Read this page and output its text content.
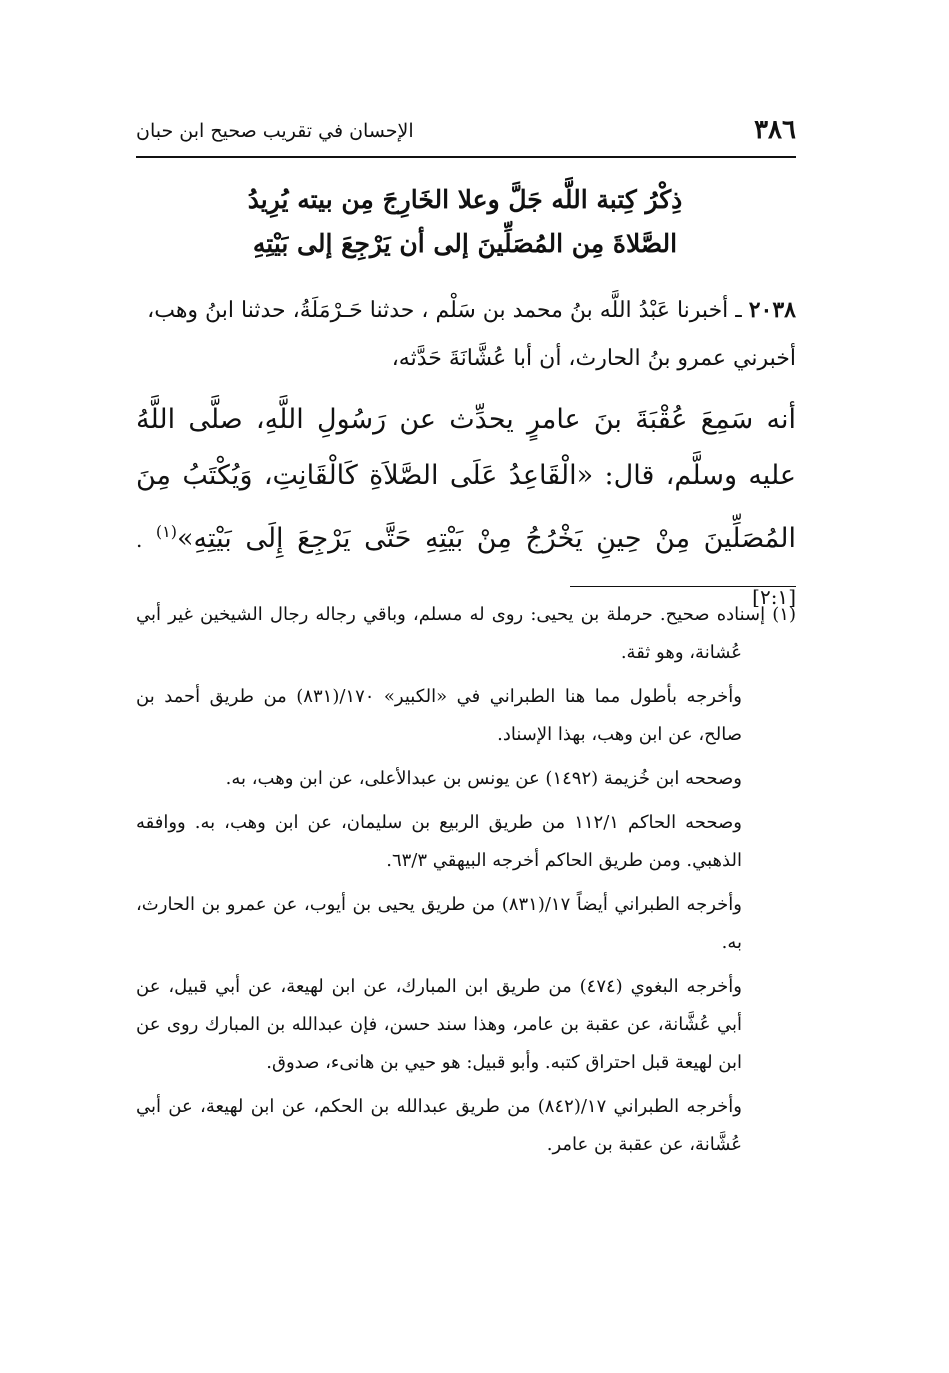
٣٨٦
الإحسان في تقريب صحيح ابن حبان
ذِكْرُ كِتبة اللَّه جَلَّ وعلا الخَارِجَ مِن بيته يُرِيدُ
الصَّلاةَ مِن المُصَلِّينَ إلى أن يَرْجِعَ إلى بَيْتِهِ
٢٠٣٨ ـ أخبرنا عَبْدُ اللَّه بنُ محمد بن سَلْم ، حدثنا حَـرْمَلَةُ، حدثنا ابنُ وهب، أخبرني عمرو بنُ الحارث، أن أبا عُشَّانَةَ حَدَّثه،
أنه سَمِعَ عُقْبَةَ بنَ عامرٍ يحدِّث عن رَسُولِ اللَّهِ، صلَّى اللَّهُ عليه وسلَّم، قال: «الْقَاعِدُ عَلَى الصَّلاَةِ كَالْقَانِتِ، وَيُكْتَبُ مِنَ المُصَلِّينَ مِنْ حِينِ يَخْرُجُ مِنْ بَيْتِهِ حَتَّى يَرْجِعَ إِلَى بَيْتِهِ»$^{(١)}$ . [٢:١]

(١) إسناده صحيح. حرملة بن يحيى: روى له مسلم، وباقي رجاله رجال الشيخين غير أبي عُشانة، وهو ثقة.

وأخرجه بأطول مما هنا الطبراني في «الكبير» ١٧٠/(٨٣١) من طريق أحمد بن صالح، عن ابن وهب، بهذا الإسناد.

وصححه ابن خُزيمة (١٤٩٢) عن يونس بن عبدالأعلى، عن ابن وهب، به.

وصححه الحاكم ١١٢/١ من طريق الربيع بن سليمان، عن ابن وهب، به. ووافقه الذهبي. ومن طريق الحاكم أخرجه البيهقي ٦٣/٣.

وأخرجه الطبراني أيضاً ١٧/(٨٣١) من طريق يحيى بن أيوب، عن عمرو بن الحارث، به.

وأخرجه البغوي (٤٧٤) من طريق ابن المبارك، عن ابن لهيعة، عن أبي قبيل، عن أبي عُشَّانة، عن عقبة بن عامر، وهذا سند حسن، فإن عبدالله بن المبارك روى عن ابن لهيعة قبل احتراق كتبه. وأبو قبيل: هو حيي بن هانىء، صدوق.

وأخرجه الطبراني ١٧/(٨٤٢) من طريق عبدالله بن الحكم، عن ابن لهيعة، عن أبي عُشَّانة، عن عقبة بن عامر.
